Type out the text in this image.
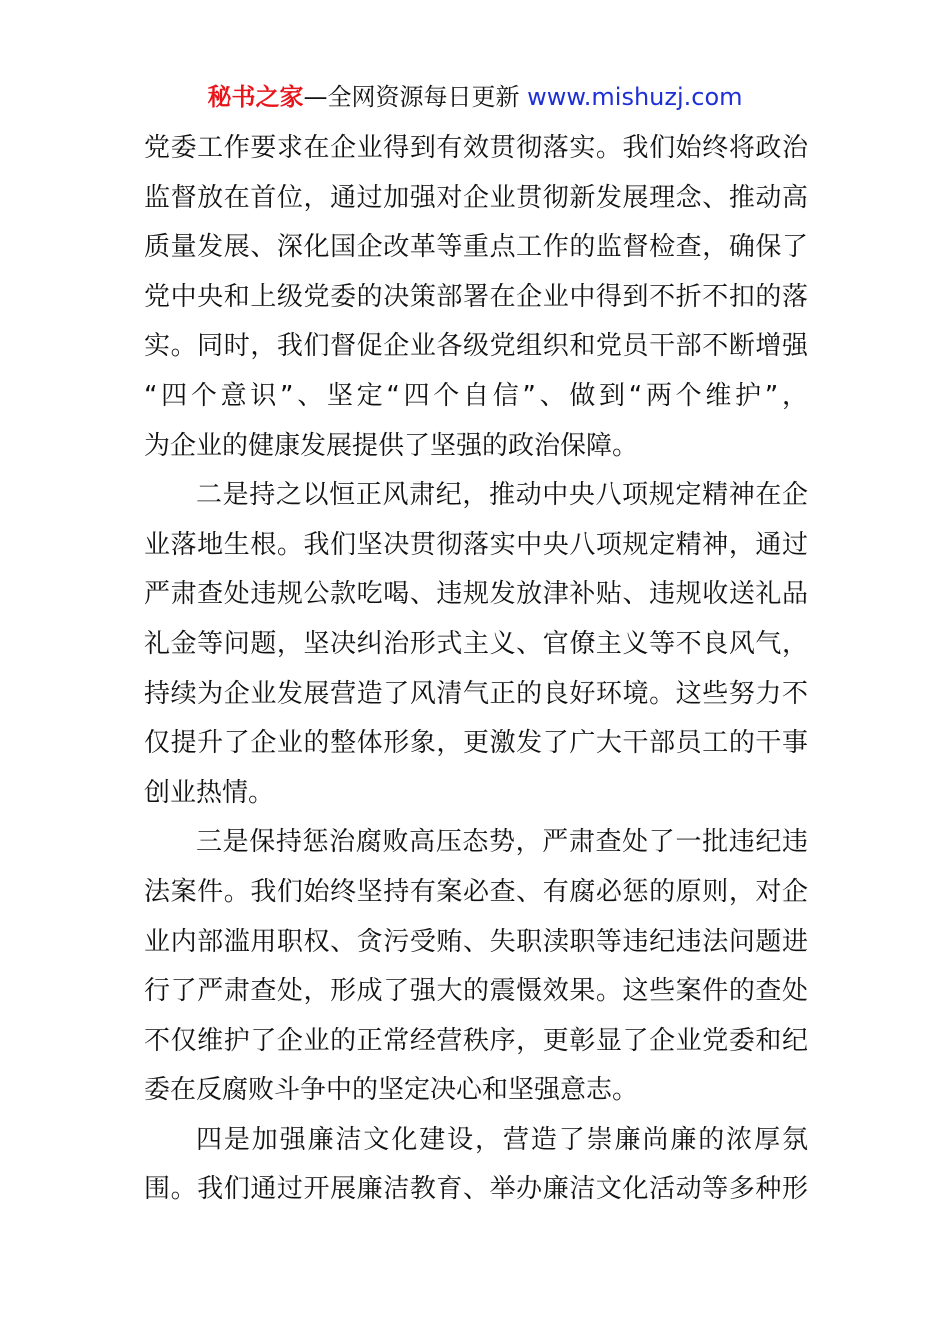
秘书之家—全网资源每日更新 www.mishuzj.com
党委工作要求在企业得到有效贯彻落实。我们始终将政治
监督放在首位，通过加强对企业贯彻新发展理念、推动高
质量发展、深化国企改革等重点工作的监督检查，确保了
党中央和上级党委的决策部署在企业中得到不折不扣的落
实。同时，我们督促企业各级党组织和党员干部不断增强
“四个意识”、坚定“四个自信”、做到“两个维护”，
为企业的健康发展提供了坚强的政治保障。
二是持之以恒正风肃纪，推动中央八项规定精神在企
业落地生根。我们坚决贯彻落实中央八项规定精神，通过
严肃查处违规公款吃喝、违规发放津补贴、违规收送礼品
礼金等问题，坚决纠治形式主义、官僚主义等不良风气，
持续为企业发展营造了风清气正的良好环境。这些努力不
仅提升了企业的整体形象，更激发了广大干部员工的干事
创业热情。
三是保持惩治腐败高压态势，严肃查处了一批违纪违
法案件。我们始终坚持有案必查、有腐必惩的原则，对企
业内部滥用职权、贪污受贿、失职渎职等违纪违法问题进
行了严肃查处，形成了强大的震慑效果。这些案件的查处
不仅维护了企业的正常经营秩序，更彰显了企业党委和纪
委在反腐败斗争中的坚定决心和坚强意志。
四是加强廉洁文化建设，营造了崇廉尚廉的浓厚氛
围。我们通过开展廉洁教育、举办廉洁文化活动等多种形
